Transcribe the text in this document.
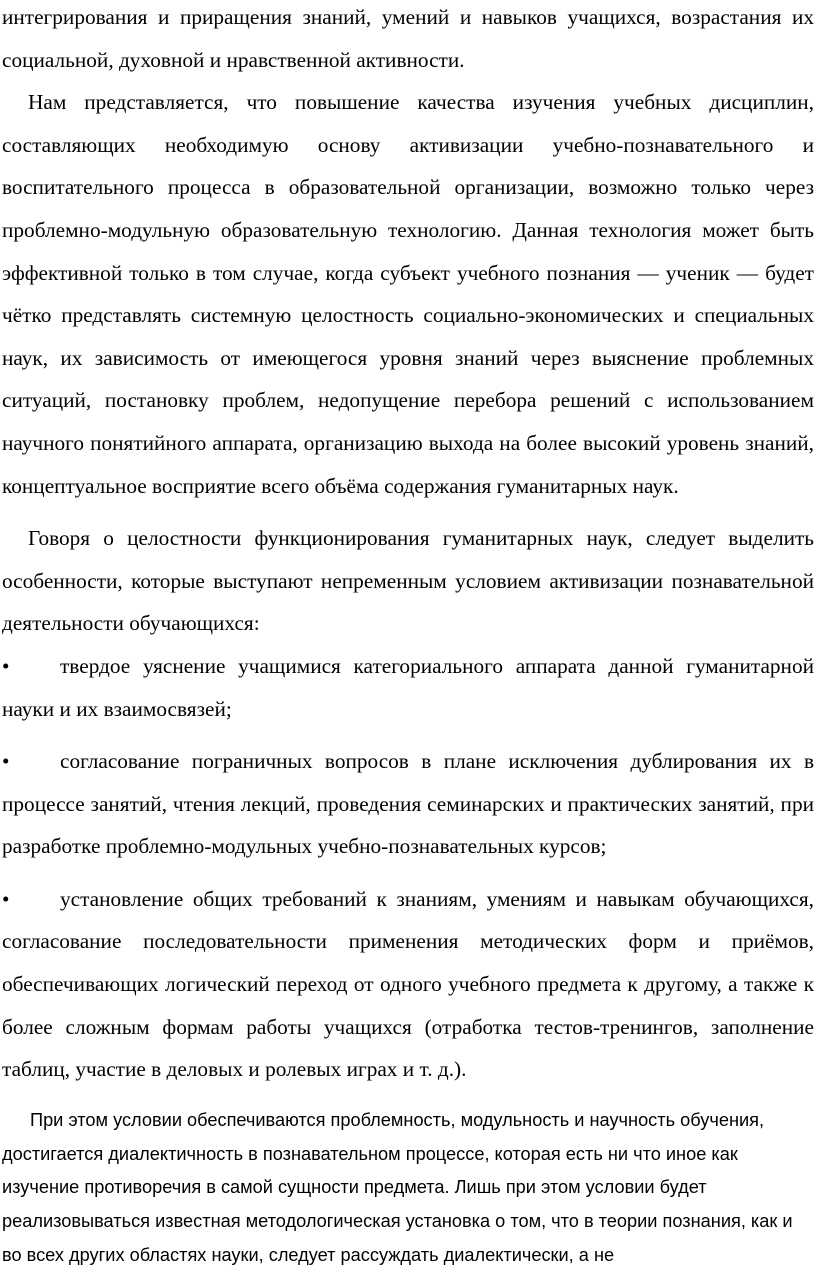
интегрирования и приращения знаний, умений и навыков учащихся, возрастания их социальной, духовной и нравственной активности.

Нам представляется, что повышение качества изучения учебных дисциплин, составляющих необходимую основу активизации учебно-познавательного и воспитательного процесса в образовательной организации, возможно только через проблемно-модульную образовательную технологию. Данная технология может быть эффективной только в том случае, когда субъект учебного познания — ученик — будет чётко представлять системную целостность социально-экономических и специальных наук, их зависимость от имеющегося уровня знаний через выяснение проблемных ситуаций, постановку проблем, недопущение перебора решений с использованием научного понятийного аппарата, организацию выхода на более высокий уровень знаний, концептуальное восприятие всего объёма содержания гуманитарных наук.

Говоря о целостности функционирования гуманитарных наук, следует выделить особенности, которые выступают непременным условием активизации познавательной деятельности обучающихся:

• твердое уяснение учащимися категориального аппарата данной гуманитарной науки и их взаимосвязей;

• согласование пограничных вопросов в плане исключения дублирования их в процессе занятий, чтения лекций, проведения семинарских и практических занятий, при разработке проблемно-модульных учебно-познавательных курсов;

• установление общих требований к знаниям, умениям и навыкам обучающихся, согласование последовательности применения методических форм и приёмов, обеспечивающих логический переход от одного учебного предмета к другому, а также к более сложным формам работы учащихся (отработка тестов-тренингов, заполнение таблиц, участие в деловых и ролевых играх и т. д.).

При этом условии обеспечиваются проблемность, модульность и научность обучения, достигается диалектичность в познавательном процессе, которая есть ни что иное как изучение противоречия в самой сущности предмета. Лишь при этом условии будет реализовываться известная методологическая установка о том, что в теории познания, как и во всех других областях науки, следует рассуждать диалектически, а не
